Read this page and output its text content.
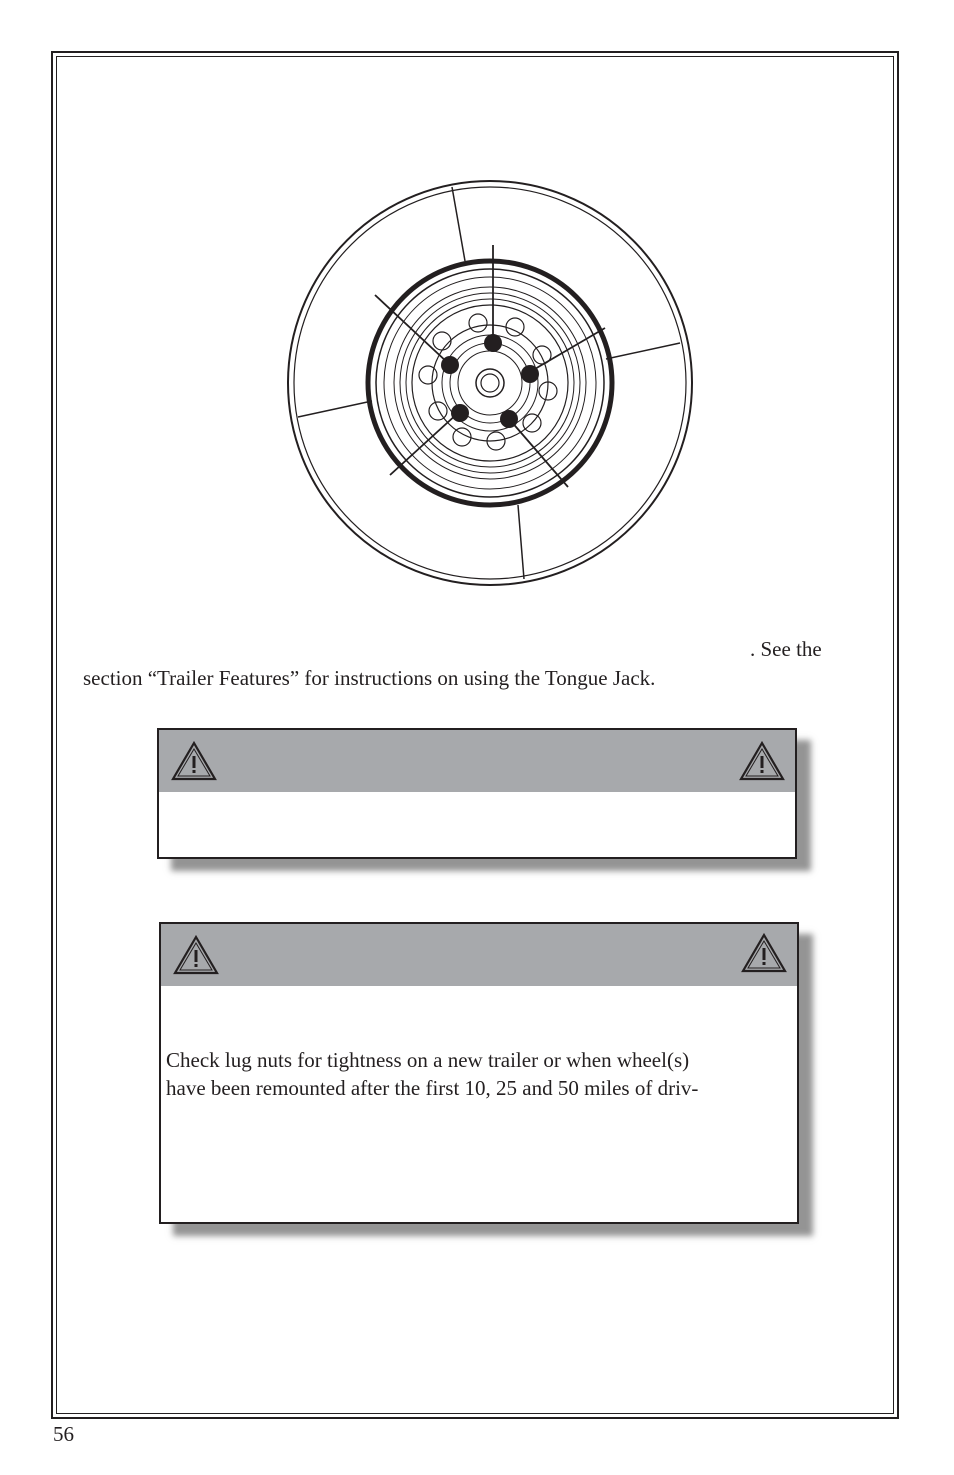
. See the
section “Trailer Features” for instructions on using the Tongue Jack.
Check lug nuts for tightness on a new trailer or when wheel(s)
have been remounted after the first 10, 25 and 50 miles of driv-
56
